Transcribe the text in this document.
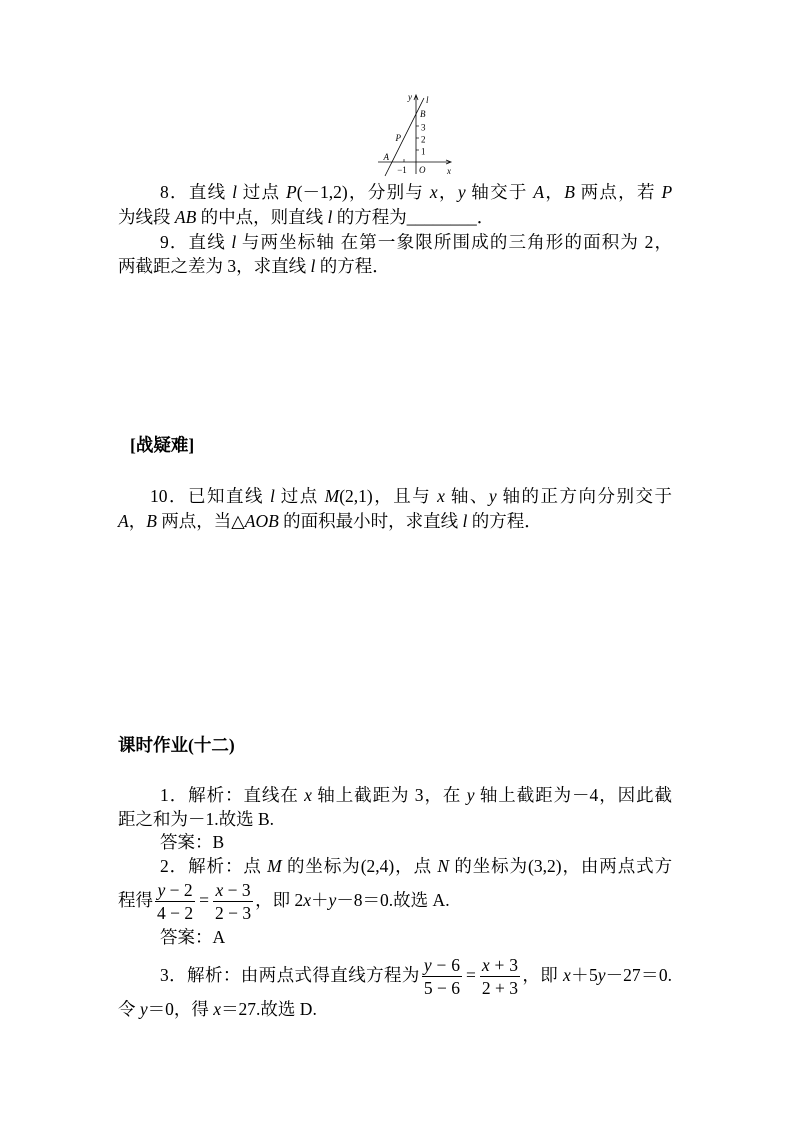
y l
B
3
2
1
P
A
−1 O x
8．直线 l 过点 P(－1,2)，分别与 x，y 轴交于 A，B 两点，若 P
为线段 AB 的中点，则直线 l 的方程为________．
9．直线 l 与两坐标轴 在第一象限所围成的三角形的面积为 2，
两截距之差为 3，求直线 l 的方程．
[战疑难]
10．已知直线 l 过点 M(2,1)，且与 x 轴、y 轴的正方向分别交于
A，B 两点，当△AOB 的面积最小时，求直线 l 的方程．
课时作业(十二)
1．解析：直线在 x 轴上截距为 3，在 y 轴上截距为－4，因此截
距之和为－1.故选 B.
答案：B
2．解析：点 M 的坐标为(2,4)，点 N 的坐标为(3,2)，由两点式方
程得 $\frac{y - 2}{4 - 2} = \frac{x - 3}{2 - 3}$ ，即 2x＋y－8＝0.故选 A.
答案：A
3．解析：由两点式得直线方程为 $\frac{y - 6}{5 - 6} = \frac{x + 3}{2 + 3}$ ，即 x＋5y－27＝0.
令 y＝0，得 x＝27.故选 D.
